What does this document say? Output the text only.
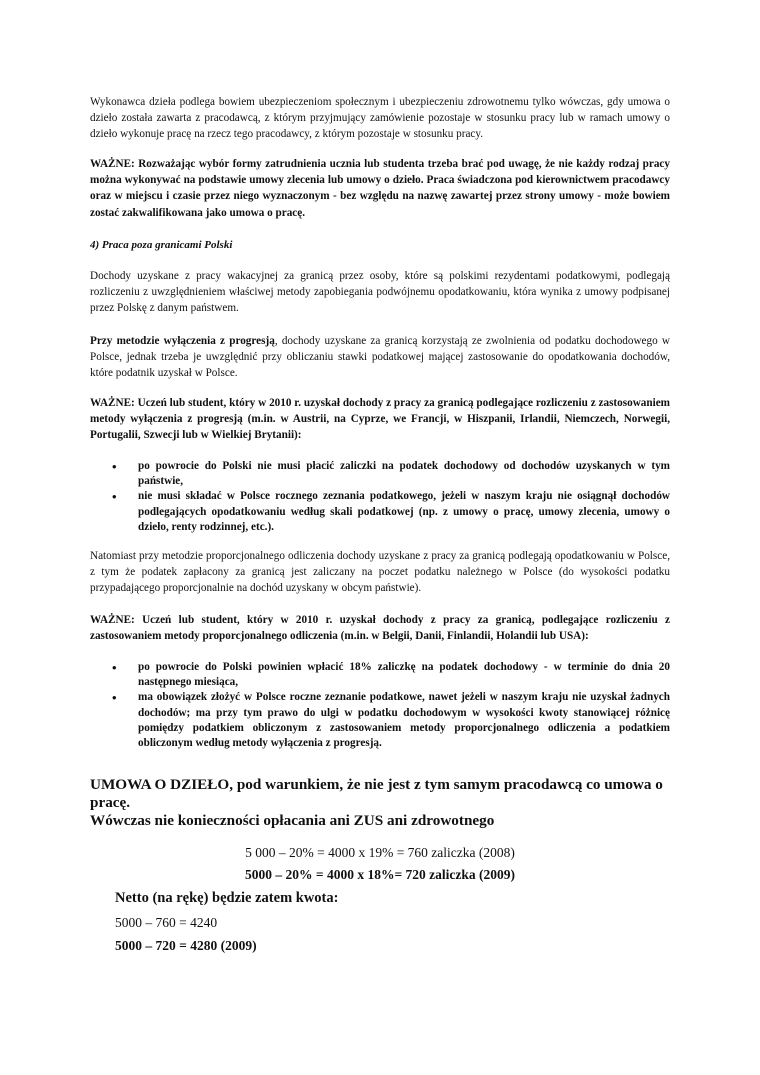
Wykonawca dzieła podlega bowiem ubezpieczeniom społecznym i ubezpieczeniu zdrowotnemu tylko wówczas, gdy umowa o dzieło została zawarta z pracodawcą, z którym przyjmujący zamówienie pozostaje w stosunku pracy lub w ramach umowy o dzieło wykonuje pracę na rzecz tego pracodawcy, z którym pozostaje w stosunku pracy.

WAŻNE: Rozważając wybór formy zatrudnienia ucznia lub studenta trzeba brać pod uwagę, że nie każdy rodzaj pracy można wykonywać na podstawie umowy zlecenia lub umowy o dzieło. Praca świadczona pod kierownictwem pracodawcy oraz w miejscu i czasie przez niego wyznaczonym - bez względu na nazwę zawartej przez strony umowy - może bowiem zostać zakwalifikowana jako umowa o pracę.

4) Praca poza granicami Polski

Dochody uzyskane z pracy wakacyjnej za granicą przez osoby, które są polskimi rezydentami podatkowymi, podlegają rozliczeniu z uwzględnieniem właściwej metody zapobiegania podwójnemu opodatkowaniu, która wynika z umowy podpisanej przez Polskę z danym państwem.

Przy metodzie wyłączenia z progresją, dochody uzyskane za granicą korzystają ze zwolnienia od podatku dochodowego w Polsce, jednak trzeba je uwzględnić przy obliczaniu stawki podatkowej mającej zastosowanie do opodatkowania dochodów, które podatnik uzyskał w Polsce.

WAŻNE: Uczeń lub student, który w 2010 r. uzyskał dochody z pracy za granicą podlegające rozliczeniu z zastosowaniem metody wyłączenia z progresją (m.in. w Austrii, na Cyprze, we Francji, w Hiszpanii, Irlandii, Niemczech, Norwegii, Portugalii, Szwecji lub w Wielkiej Brytanii):

• po powrocie do Polski nie musi płacić zaliczki na podatek dochodowy od dochodów uzyskanych w tym państwie,
• nie musi składać w Polsce rocznego zeznania podatkowego, jeżeli w naszym kraju nie osiągnął dochodów podlegających opodatkowaniu według skali podatkowej (np. z umowy o pracę, umowy zlecenia, umowy o dzieło, renty rodzinnej, etc.).

Natomiast przy metodzie proporcjonalnego odliczenia dochody uzyskane z pracy za granicą podlegają opodatkowaniu w Polsce, z tym że podatek zapłacony za granicą jest zaliczany na poczet podatku należnego w Polsce (do wysokości podatku przypadającego proporcjonalnie na dochód uzyskany w obcym państwie).

WAŻNE: Uczeń lub student, który w 2010 r. uzyskał dochody z pracy za granicą, podlegające rozliczeniu z zastosowaniem metody proporcjonalnego odliczenia (m.in. w Belgii, Danii, Finlandii, Holandii lub USA):

• po powrocie do Polski powinien wpłacić 18% zaliczkę na podatek dochodowy - w terminie do dnia 20 następnego miesiąca,
• ma obowiązek złożyć w Polsce roczne zeznanie podatkowe, nawet jeżeli w naszym kraju nie uzyskał żadnych dochodów; ma przy tym prawo do ulgi w podatku dochodowym w wysokości kwoty stanowiącej różnicę pomiędzy podatkiem obliczonym z zastosowaniem metody proporcjonalnego odliczenia a podatkiem obliczonym według metody wyłączenia z progresją.
UMOWA O DZIEŁO, pod warunkiem, że nie jest z tym samym pracodawcą co umowa o pracę.
Wówczas nie konieczności opłacania ani ZUS ani zdrowotnego
5 000 – 20% = 4000 x 19% = 760 zaliczka (2008)
5000 – 20% = 4000 x 18%= 720 zaliczka (2009)
Netto (na rękę) będzie zatem kwota:
5000 – 760 = 4240
5000 – 720 = 4280 (2009)
